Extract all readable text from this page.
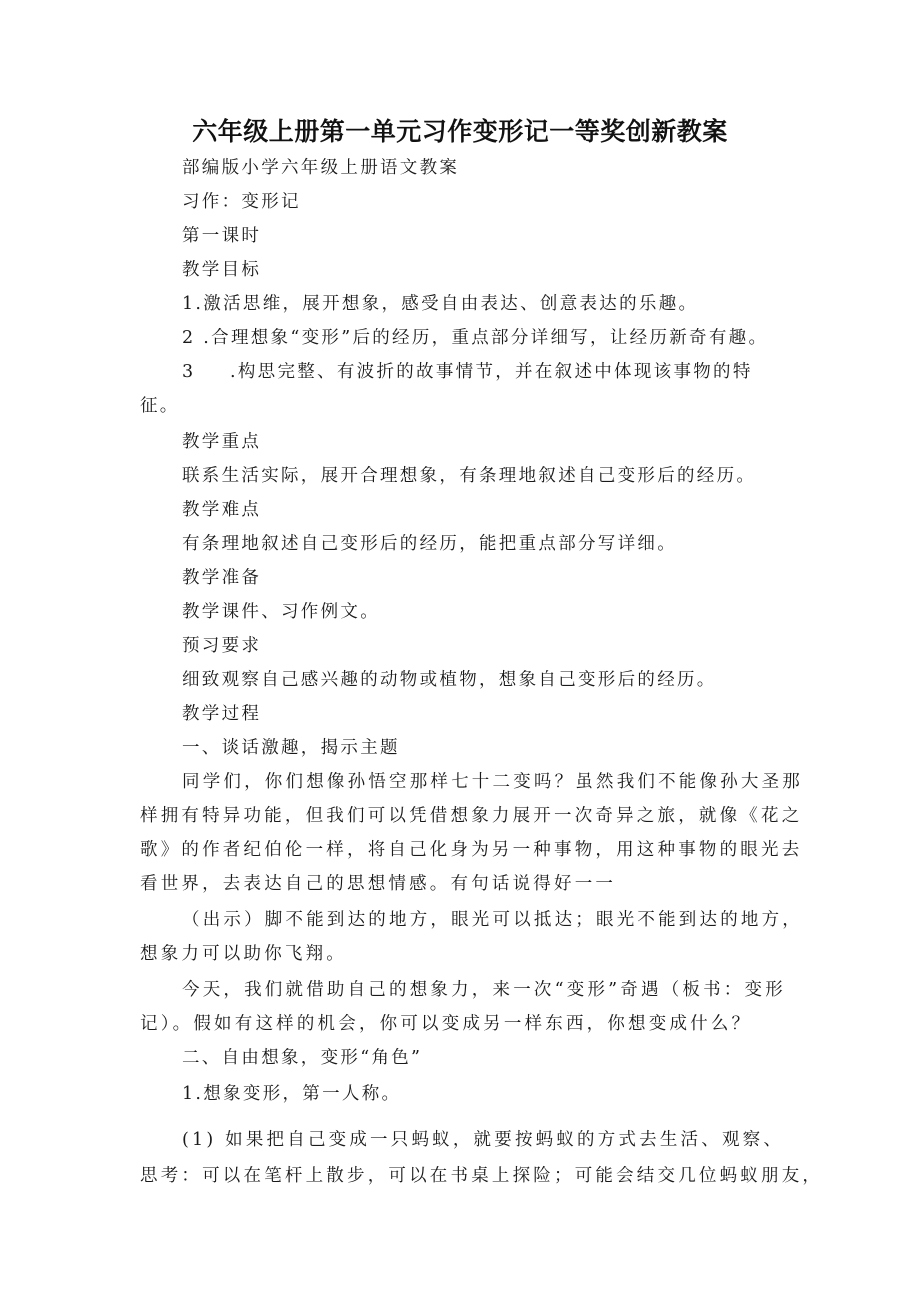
六年级上册第一单元习作变形记一等奖创新教案
部编版小学六年级上册语文教案
习作：变形记
第一课时
教学目标
1.激活思维，展开想象，感受自由表达、创意表达的乐趣。
2 .合理想象“变形”后的经历，重点部分详细写，让经历新奇有趣。
3 .构思完整、有波折的故事情节，并在叙述中体现该事物的特
征。
教学重点
联系生活实际，展开合理想象，有条理地叙述自己变形后的经历。
教学难点
有条理地叙述自己变形后的经历，能把重点部分写详细。
教学准备
教学课件、习作例文。
预习要求
细致观察自己感兴趣的动物或植物，想象自己变形后的经历。
教学过程
一、谈话激趣，揭示主题
同学们，你们想像孙悟空那样七十二变吗？虽然我们不能像孙大圣那
样拥有特异功能，但我们可以凭借想象力展开一次奇异之旅，就像《花之
歌》的作者纪伯伦一样，将自己化身为另一种事物，用这种事物的眼光去
看世界，去表达自己的思想情感。有句话说得好一一
（出示）脚不能到达的地方，眼光可以抵达；眼光不能到达的地方，
想象力可以助你飞翔。
今天，我们就借助自己的想象力，来一次“变形”奇遇（板书：变形
记）。假如有这样的机会，你可以变成另一样东西，你想变成什么？
二、自由想象，变形“角色”
1.想象变形，第一人称。
(1) 如果把自己变成一只蚂蚁，就要按蚂蚁的方式去生活、观察、
思考：可以在笔杆上散步，可以在书桌上探险；可能会结交几位蚂蚁朋友，
